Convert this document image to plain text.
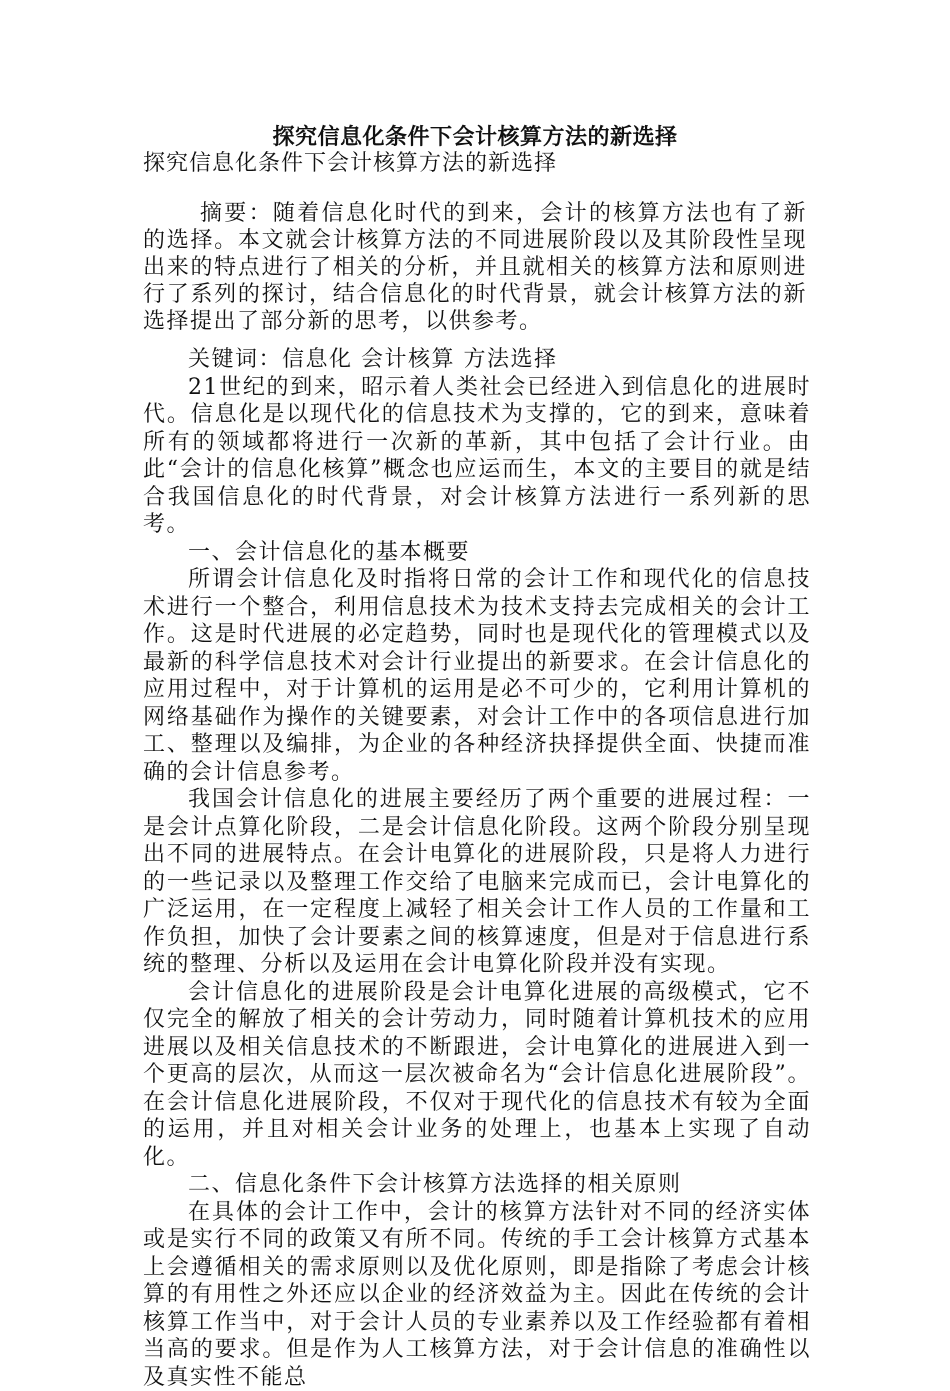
探究信息化条件下会计核算方法的新选择
探究信息化条件下会计核算方法的新选择

摘要：随着信息化时代的到来，会计的核算方法也有了新的选择。本文就会计核算方法的不同进展阶段以及其阶段性呈现出来的特点进行了相关的分析，并且就相关的核算方法和原则进行了系列的探讨，结合信息化的时代背景，就会计核算方法的新选择提出了部分新的思考，以供参考。

关键词：信息化 会计核算 方法选择

21世纪的到来，昭示着人类社会已经进入到信息化的进展时代。信息化是以现代化的信息技术为支撑的，它的到来，意味着所有的领域都将进行一次新的革新，其中包括了会计行业。由此“会计的信息化核算”概念也应运而生，本文的主要目的就是结合我国信息化的时代背景，对会计核算方法进行一系列新的思考。

一、会计信息化的基本概要

所谓会计信息化及时指将日常的会计工作和现代化的信息技术进行一个整合，利用信息技术为技术支持去完成相关的会计工作。这是时代进展的必定趋势，同时也是现代化的管理模式以及最新的科学信息技术对会计行业提出的新要求。在会计信息化的应用过程中，对于计算机的运用是必不可少的，它利用计算机的网络基础作为操作的关键要素，对会计工作中的各项信息进行加工、整理以及编排，为企业的各种经济抉择提供全面、快捷而准确的会计信息参考。

我国会计信息化的进展主要经历了两个重要的进展过程：一是会计点算化阶段，二是会计信息化阶段。这两个阶段分别呈现出不同的进展特点。在会计电算化的进展阶段，只是将人力进行的一些记录以及整理工作交给了电脑来完成而已，会计电算化的广泛运用，在一定程度上减轻了相关会计工作人员的工作量和工作负担，加快了会计要素之间的核算速度，但是对于信息进行系统的整理、分析以及运用在会计电算化阶段并没有实现。

会计信息化的进展阶段是会计电算化进展的高级模式，它不仅完全的解放了相关的会计劳动力，同时随着计算机技术的应用进展以及相关信息技术的不断跟进，会计电算化的进展进入到一个更高的层次，从而这一层次被命名为“会计信息化进展阶段”。在会计信息化进展阶段，不仅对于现代化的信息技术有较为全面的运用，并且对相关会计业务的处理上，也基本上实现了自动化。

二、信息化条件下会计核算方法选择的相关原则

在具体的会计工作中，会计的核算方法针对不同的经济实体或是实行不同的政策又有所不同。传统的手工会计核算方式基本上会遵循相关的需求原则以及优化原则，即是指除了考虑会计核算的有用性之外还应以企业的经济效益为主。因此在传统的会计核算工作当中，对于会计人员的专业素养以及工作经验都有着相当高的要求。但是作为人工核算方法，对于会计信息的准确性以及真实性不能总
